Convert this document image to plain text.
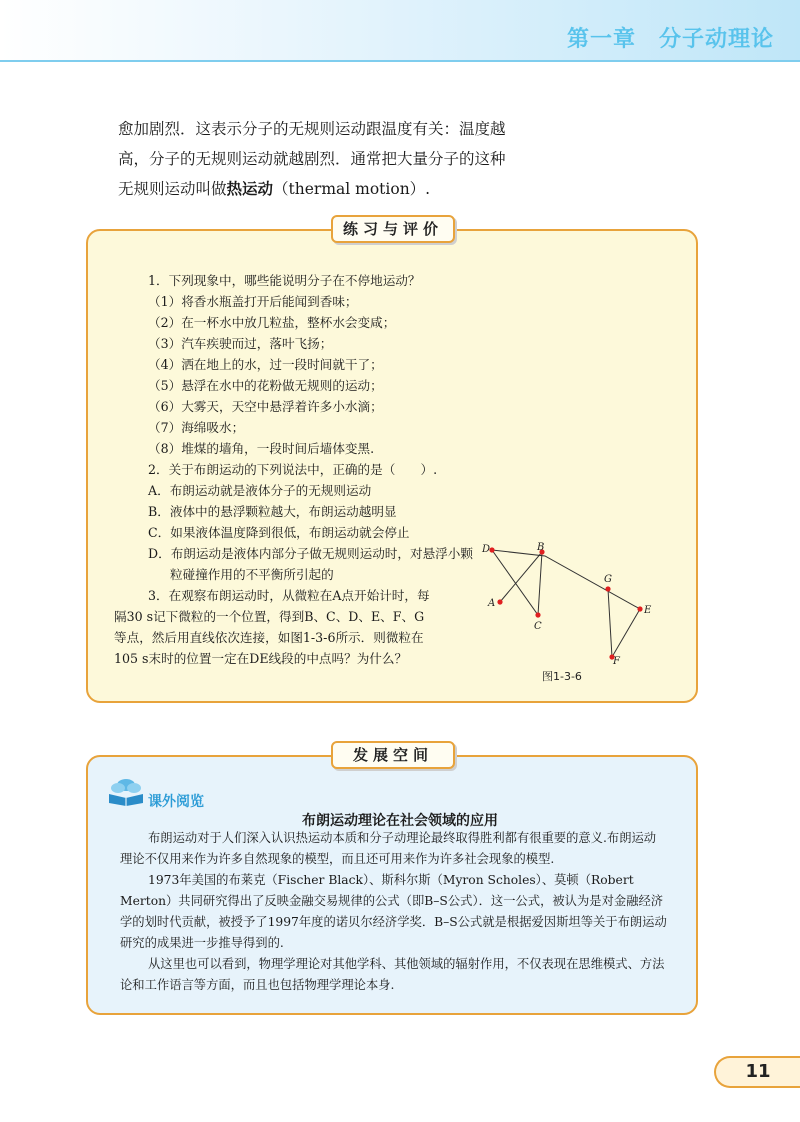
第一章　分子动理论
愈加剧烈．这表示分子的无规则运动跟温度有关：温度越
高，分子的无规则运动就越剧烈．通常把大量分子的这种
无规则运动叫做热运动（thermal motion）.
练习与评价
1．下列现象中，哪些能说明分子在不停地运动？
（1）将香水瓶盖打开后能闻到香味；
（2）在一杯水中放几粒盐，整杯水会变咸；
（3）汽车疾驶而过，落叶飞扬；
（4）洒在地上的水，过一段时间就干了；
（5）悬浮在水中的花粉做无规则的运动；
（6）大雾天，天空中悬浮着许多小水滴；
（7）海绵吸水；
（8）堆煤的墙角，一段时间后墙体变黑.
2．关于布朗运动的下列说法中，正确的是（　　）.
A．布朗运动就是液体分子的无规则运动
B．液体中的悬浮颗粒越大，布朗运动越明显
C．如果液体温度降到很低，布朗运动就会停止
D．布朗运动是液体内部分子做无规则运动时，对悬浮小颗粒碰撞作用的不平衡所引起的
3．在观察布朗运动时，从微粒在A点开始计时，每隔30 s记下微粒的一个位置，得到B、C、D、E、F、G等点，然后用直线依次连接，如图1-3-6所示．则微粒在105 s末时的位置一定在DE线段的中点吗？为什么？
A
B
C
D
E
F
G
图1-3-6
发展空间
课外阅览
布朗运动理论在社会领域的应用

布朗运动对于人们深入认识热运动本质和分子动理论最终取得胜利都有很重要的意义.布朗运动理论不仅用来作为许多自然现象的模型，而且还可用来作为许多社会现象的模型.

1973年美国的布莱克（Fischer Black）、斯科尔斯（Myron Scholes）、莫顿（Robert Merton）共同研究得出了反映金融交易规律的公式（即B–S公式）．这一公式，被认为是对金融经济学的划时代贡献，被授予了1997年度的诺贝尔经济学奖．B–S公式就是根据爱因斯坦等关于布朗运动研究的成果进一步推导得到的.

从这里也可以看到，物理学理论对其他学科、其他领域的辐射作用，不仅表现在思维模式、方法论和工作语言等方面，而且也包括物理学理论本身.

11
